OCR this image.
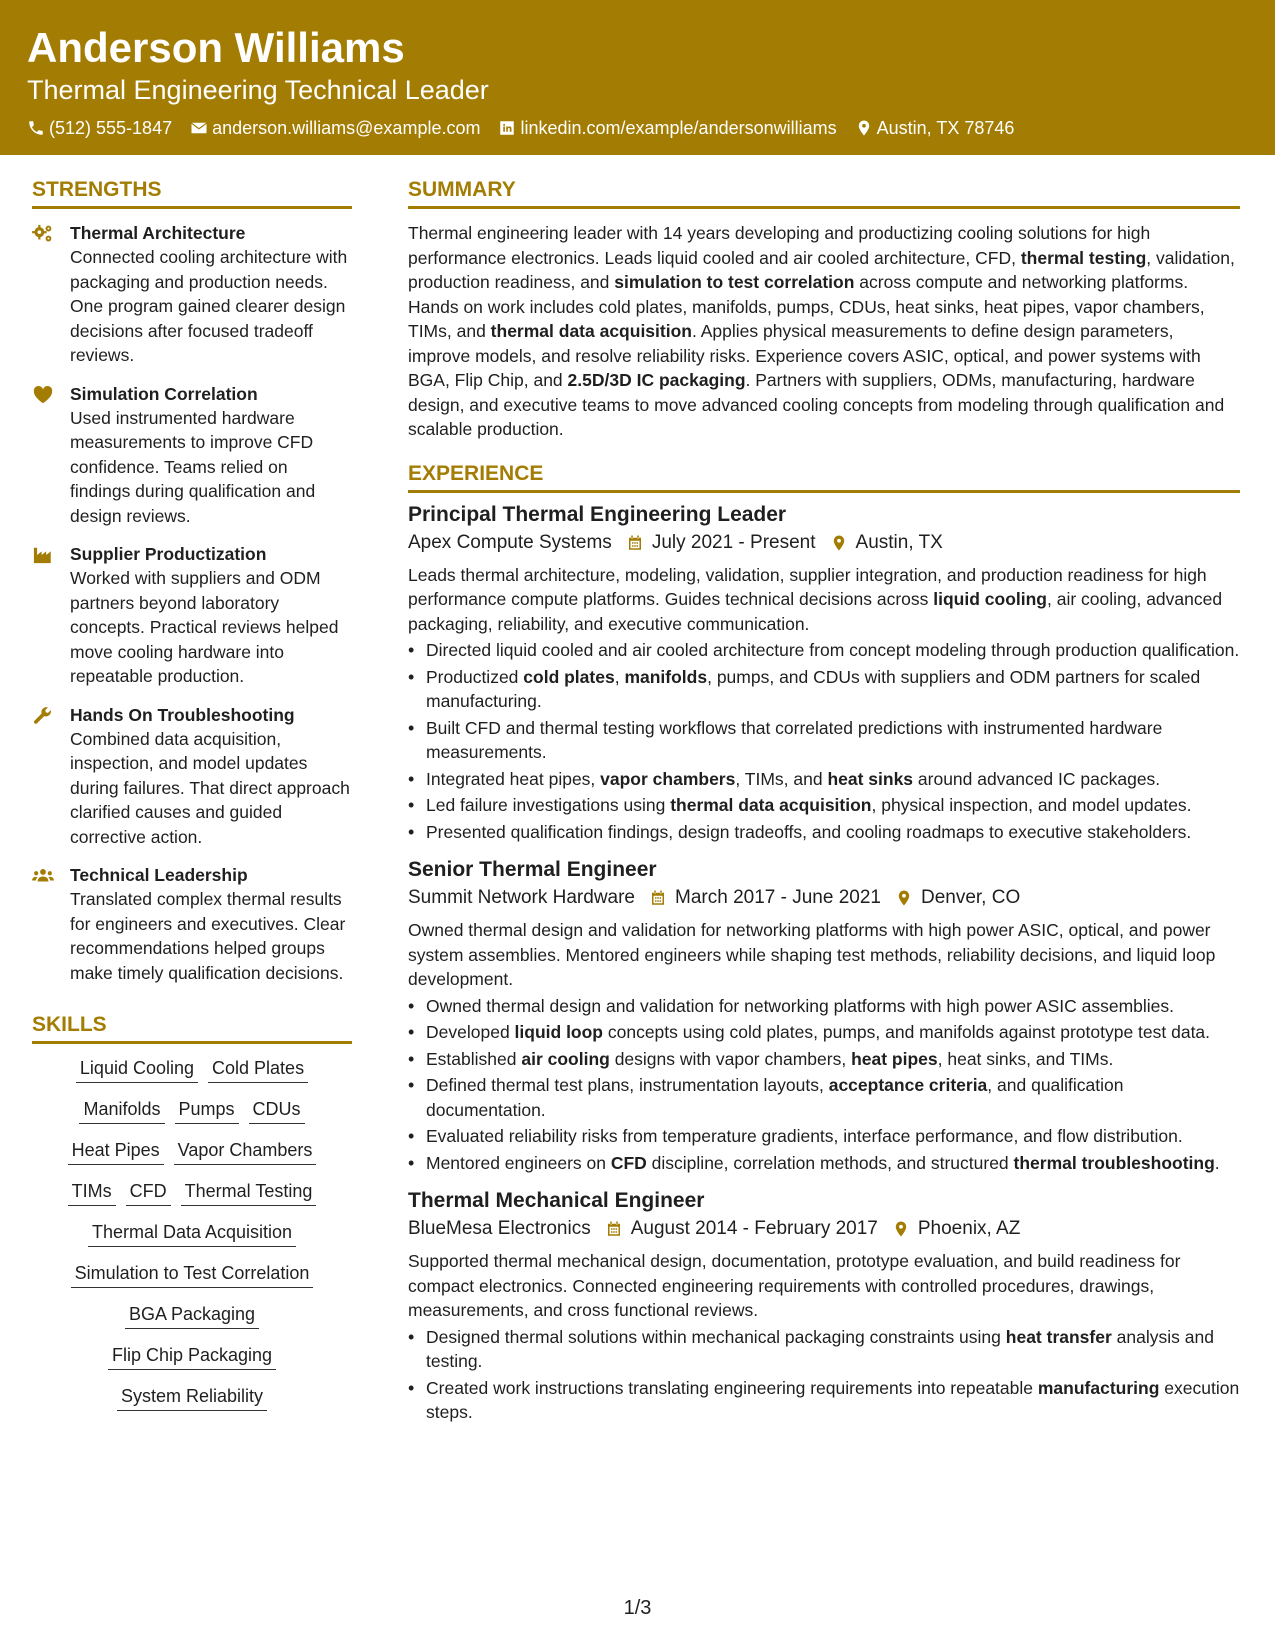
Anderson Williams
Thermal Engineering Technical Leader
(512) 555-1847 anderson.williams@example.com linkedin.com/example/andersonwilliams Austin, TX 78746
STRENGTHS
Thermal Architecture
Connected cooling architecture with packaging and production needs. One program gained clearer design decisions after focused tradeoff reviews.
Simulation Correlation
Used instrumented hardware measurements to improve CFD confidence. Teams relied on findings during qualification and design reviews.
Supplier Productization
Worked with suppliers and ODM partners beyond laboratory concepts. Practical reviews helped move cooling hardware into repeatable production.
Hands On Troubleshooting
Combined data acquisition, inspection, and model updates during failures. That direct approach clarified causes and guided corrective action.
Technical Leadership
Translated complex thermal results for engineers and executives. Clear recommendations helped groups make timely qualification decisions.
SKILLS
Liquid Cooling Cold Plates
Manifolds Pumps CDUs
Heat Pipes Vapor Chambers
TIMs CFD Thermal Testing
Thermal Data Acquisition
Simulation to Test Correlation
BGA Packaging
Flip Chip Packaging
System Reliability
SUMMARY
Thermal engineering leader with 14 years developing and productizing cooling solutions for high performance electronics. Leads liquid cooled and air cooled architecture, CFD, thermal testing, validation, production readiness, and simulation to test correlation across compute and networking platforms. Hands on work includes cold plates, manifolds, pumps, CDUs, heat sinks, heat pipes, vapor chambers, TIMs, and thermal data acquisition. Applies physical measurements to define design parameters, improve models, and resolve reliability risks. Experience covers ASIC, optical, and power systems with BGA, Flip Chip, and 2.5D/3D IC packaging. Partners with suppliers, ODMs, manufacturing, hardware design, and executive teams to move advanced cooling concepts from modeling through qualification and scalable production.
EXPERIENCE
Principal Thermal Engineering Leader
Apex Compute Systems July 2021 - Present Austin, TX
Leads thermal architecture, modeling, validation, supplier integration, and production readiness for high performance compute platforms. Guides technical decisions across liquid cooling, air cooling, advanced packaging, reliability, and executive communication.
• Directed liquid cooled and air cooled architecture from concept modeling through production qualification.
• Productized cold plates, manifolds, pumps, and CDUs with suppliers and ODM partners for scaled manufacturing.
• Built CFD and thermal testing workflows that correlated predictions with instrumented hardware measurements.
• Integrated heat pipes, vapor chambers, TIMs, and heat sinks around advanced IC packages.
• Led failure investigations using thermal data acquisition, physical inspection, and model updates.
• Presented qualification findings, design tradeoffs, and cooling roadmaps to executive stakeholders.
Senior Thermal Engineer
Summit Network Hardware March 2017 - June 2021 Denver, CO
Owned thermal design and validation for networking platforms with high power ASIC, optical, and power system assemblies. Mentored engineers while shaping test methods, reliability decisions, and liquid loop development.
• Owned thermal design and validation for networking platforms with high power ASIC assemblies.
• Developed liquid loop concepts using cold plates, pumps, and manifolds against prototype test data.
• Established air cooling designs with vapor chambers, heat pipes, heat sinks, and TIMs.
• Defined thermal test plans, instrumentation layouts, acceptance criteria, and qualification documentation.
• Evaluated reliability risks from temperature gradients, interface performance, and flow distribution.
• Mentored engineers on CFD discipline, correlation methods, and structured thermal troubleshooting.
Thermal Mechanical Engineer
BlueMesa Electronics August 2014 - February 2017 Phoenix, AZ
Supported thermal mechanical design, documentation, prototype evaluation, and build readiness for compact electronics. Connected engineering requirements with controlled procedures, drawings, measurements, and cross functional reviews.
• Designed thermal solutions within mechanical packaging constraints using heat transfer analysis and testing.
• Created work instructions translating engineering requirements into repeatable manufacturing execution steps.
1/3
